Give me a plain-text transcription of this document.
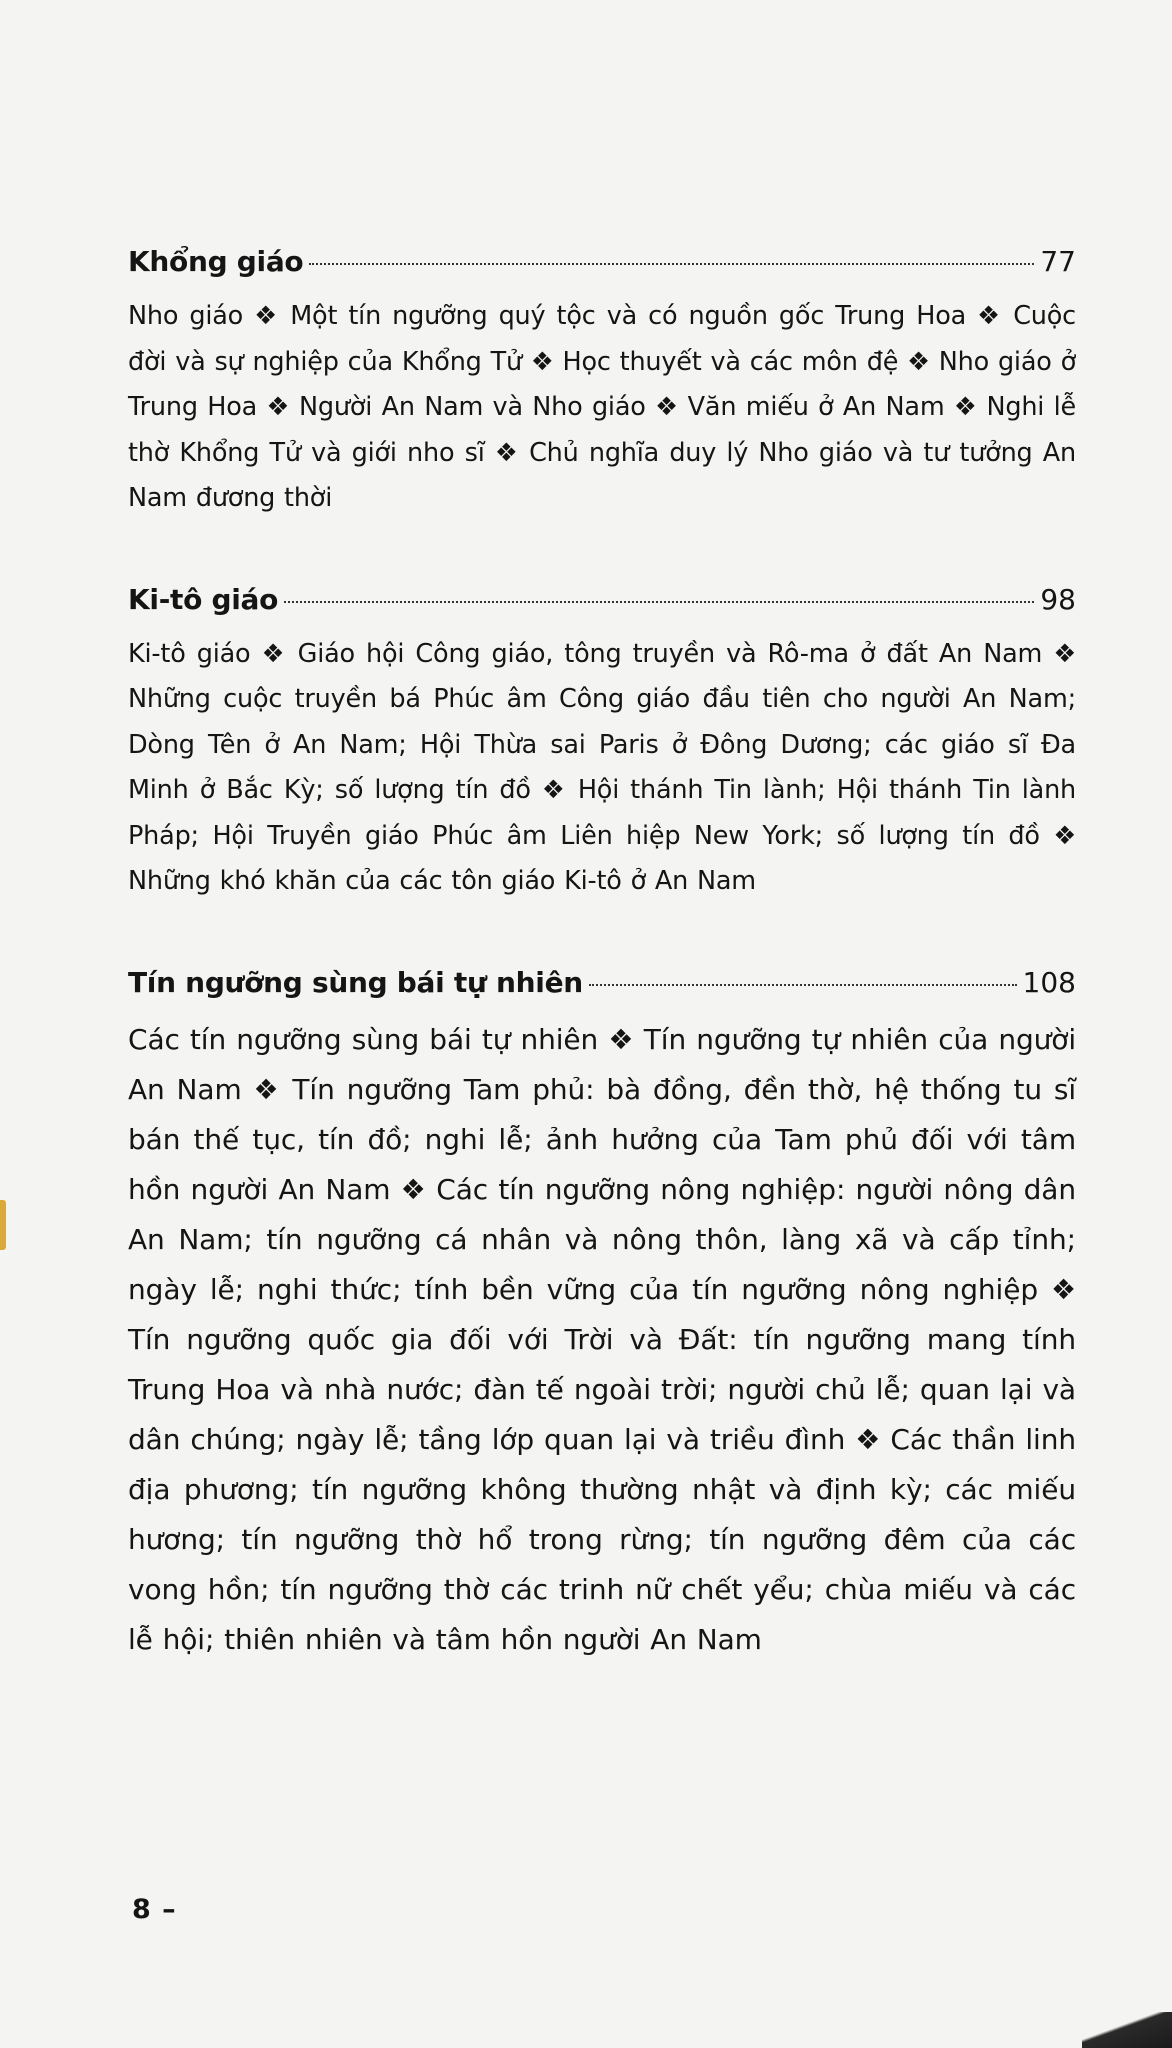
Khổng giáo	77
Nho giáo ❖ Một tín ngưỡng quý tộc và có nguồn gốc Trung Hoa ❖ Cuộc đời và sự nghiệp của Khổng Tử ❖ Học thuyết và các môn đệ ❖ Nho giáo ở Trung Hoa ❖ Người An Nam và Nho giáo ❖ Văn miếu ở An Nam ❖ Nghi lễ thờ Khổng Tử và giới nho sĩ ❖ Chủ nghĩa duy lý Nho giáo và tư tưởng An Nam đương thời
Ki-tô giáo	98
Ki-tô giáo ❖ Giáo hội Công giáo, tông truyền và Rô-ma ở đất An Nam ❖ Những cuộc truyền bá Phúc âm Công giáo đầu tiên cho người An Nam; Dòng Tên ở An Nam; Hội Thừa sai Paris ở Đông Dương; các giáo sĩ Đa Minh ở Bắc Kỳ; số lượng tín đồ ❖ Hội thánh Tin lành; Hội thánh Tin lành Pháp; Hội Truyền giáo Phúc âm Liên hiệp New York; số lượng tín đồ ❖ Những khó khăn của các tôn giáo Ki-tô ở An Nam
Tín ngưỡng sùng bái tự nhiên	108
Các tín ngưỡng sùng bái tự nhiên ❖ Tín ngưỡng tự nhiên của người An Nam ❖ Tín ngưỡng Tam phủ: bà đồng, đền thờ, hệ thống tu sĩ bán thế tục, tín đồ; nghi lễ; ảnh hưởng của Tam phủ đối với tâm hồn người An Nam ❖ Các tín ngưỡng nông nghiệp: người nông dân An Nam; tín ngưỡng cá nhân và nông thôn, làng xã và cấp tỉnh; ngày lễ; nghi thức; tính bền vững của tín ngưỡng nông nghiệp ❖ Tín ngưỡng quốc gia đối với Trời và Đất: tín ngưỡng mang tính Trung Hoa và nhà nước; đàn tế ngoài trời; người chủ lễ; quan lại và dân chúng; ngày lễ; tầng lớp quan lại và triều đình ❖ Các thần linh địa phương; tín ngưỡng không thường nhật và định kỳ; các miếu hương; tín ngưỡng thờ hổ trong rừng; tín ngưỡng đêm của các vong hồn; tín ngưỡng thờ các trinh nữ chết yểu; chùa miếu và các lễ hội; thiên nhiên và tâm hồn người An Nam
8 –
